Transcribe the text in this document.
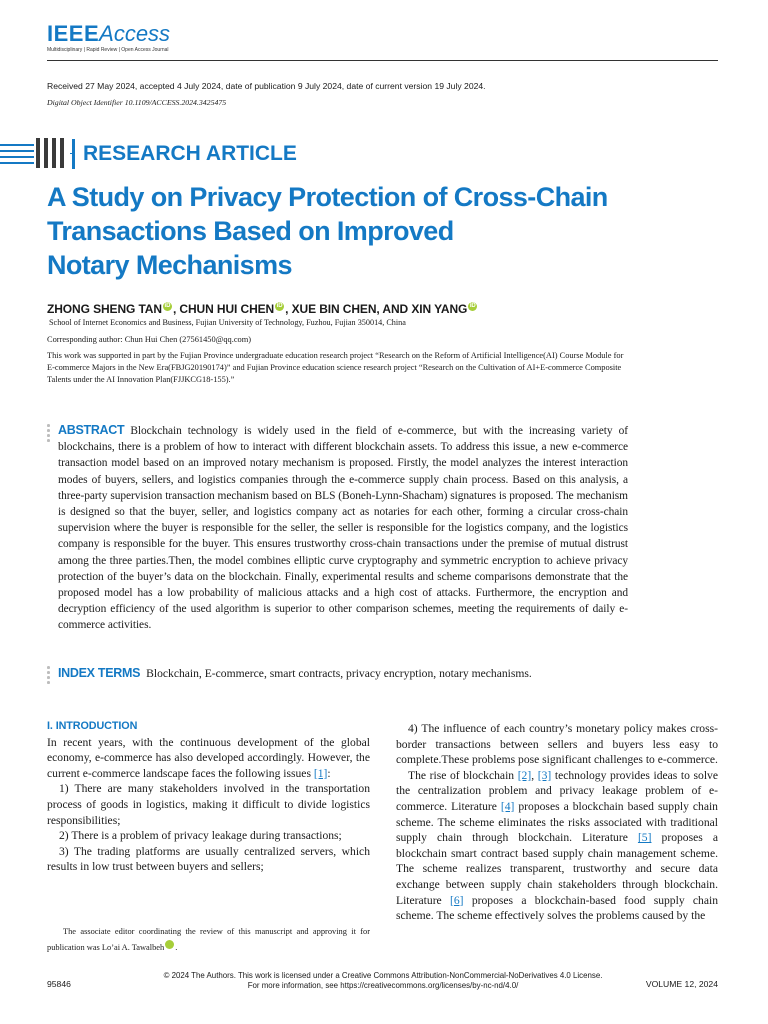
IEEEAccess
Multidisciplinary | Rapid Review | Open Access Journal
Received 27 May 2024, accepted 4 July 2024, date of publication 9 July 2024, date of current version 19 July 2024.
Digital Object Identifier 10.1109/ACCESS.2024.3425475
RESEARCH ARTICLE
A Study on Privacy Protection of Cross-Chain
Transactions Based on Improved
Notary Mechanisms
ZHONG SHENG TAN iD , CHUN HUI CHEN iD , XUE BIN CHEN, AND XIN YANG iD
School of Internet Economics and Business, Fujian University of Technology, Fuzhou, Fujian 350014, China
Corresponding author: Chun Hui Chen (27561450@qq.com)
This work was supported in part by the Fujian Province undergraduate education research project “Research on the Reform of Artificial Intelligence(AI) Course Module for E-commerce Majors in the New Era(FBJG20190174)” and Fujian Province education science research project “Research on the Cultivation of AI+E-commerce Composite Talents under the AI Innovation Plan(FJJKCG18-155).”
ABSTRACT Blockchain technology is widely used in the field of e-commerce, but with the increasing variety of blockchains, there is a problem of how to interact with different blockchain assets. To address this issue, a new e-commerce transaction model based on an improved notary mechanism is proposed. Firstly, the model analyzes the interest interaction modes of buyers, sellers, and logistics companies through the e-commerce supply chain process. Based on this analysis, a three-party supervision transaction mechanism based on BLS (Boneh-Lynn-Shacham) signatures is proposed. The mechanism is designed so that the buyer, seller, and logistics company act as notaries for each other, forming a circular cross-chain supervision where the buyer is responsible for the seller, the seller is responsible for the logistics company, and the logistics company is responsible for the buyer. This ensures trustworthy cross-chain transactions under the premise of mutual distrust among the three parties.Then, the model combines elliptic curve cryptography and symmetric encryption to achieve privacy protection of the buyer’s data on the blockchain. Finally, experimental results and scheme comparisons demonstrate that the proposed model has a low probability of malicious attacks and a high cost of attacks. Furthermore, the encryption and decryption efficiency of the used algorithm is superior to other comparison schemes, meeting the requirements of daily e-commerce activities.
INDEX TERMS Blockchain, E-commerce, smart contracts, privacy encryption, notary mechanisms.
I. INTRODUCTION

In recent years, with the continuous development of the global economy, e-commerce has also developed accordingly. However, the current e-commerce landscape faces the following issues [1]:

1) There are many stakeholders involved in the transportation process of goods in logistics, making it difficult to divide logistics responsibilities;

2) There is a problem of privacy leakage during transactions;

3) The trading platforms are usually centralized servers, which results in low trust between buyers and sellers;

The associate editor coordinating the review of this manuscript and approving it for publication was Lo’ai A. Tawalbeh	iD.

4) The influence of each country’s monetary policy makes cross-border transactions between sellers and buyers less easy to complete.These problems pose significant challenges to e-commerce.

The rise of blockchain [2], [3] technology provides ideas to solve the centralization problem and privacy leakage problem of e-commerce. Literature [4] proposes a blockchain based supply chain scheme. The scheme eliminates the risks associated with traditional supply chain through blockchain. Literature [5] proposes a blockchain smart contract based supply chain management scheme. The scheme realizes transparent, trustworthy and secure data exchange between supply chain stakeholders through blockchain. Literature [6] proposes a blockchain-based food supply chain scheme. The scheme effectively solves the problems caused by the

95846
© 2024 The Authors. This work is licensed under a Creative Commons Attribution-NonCommercial-NoDerivatives 4.0 License.
For more information, see https://creativecommons.org/licenses/by-nc-nd/4.0/	VOLUME 12, 2024
